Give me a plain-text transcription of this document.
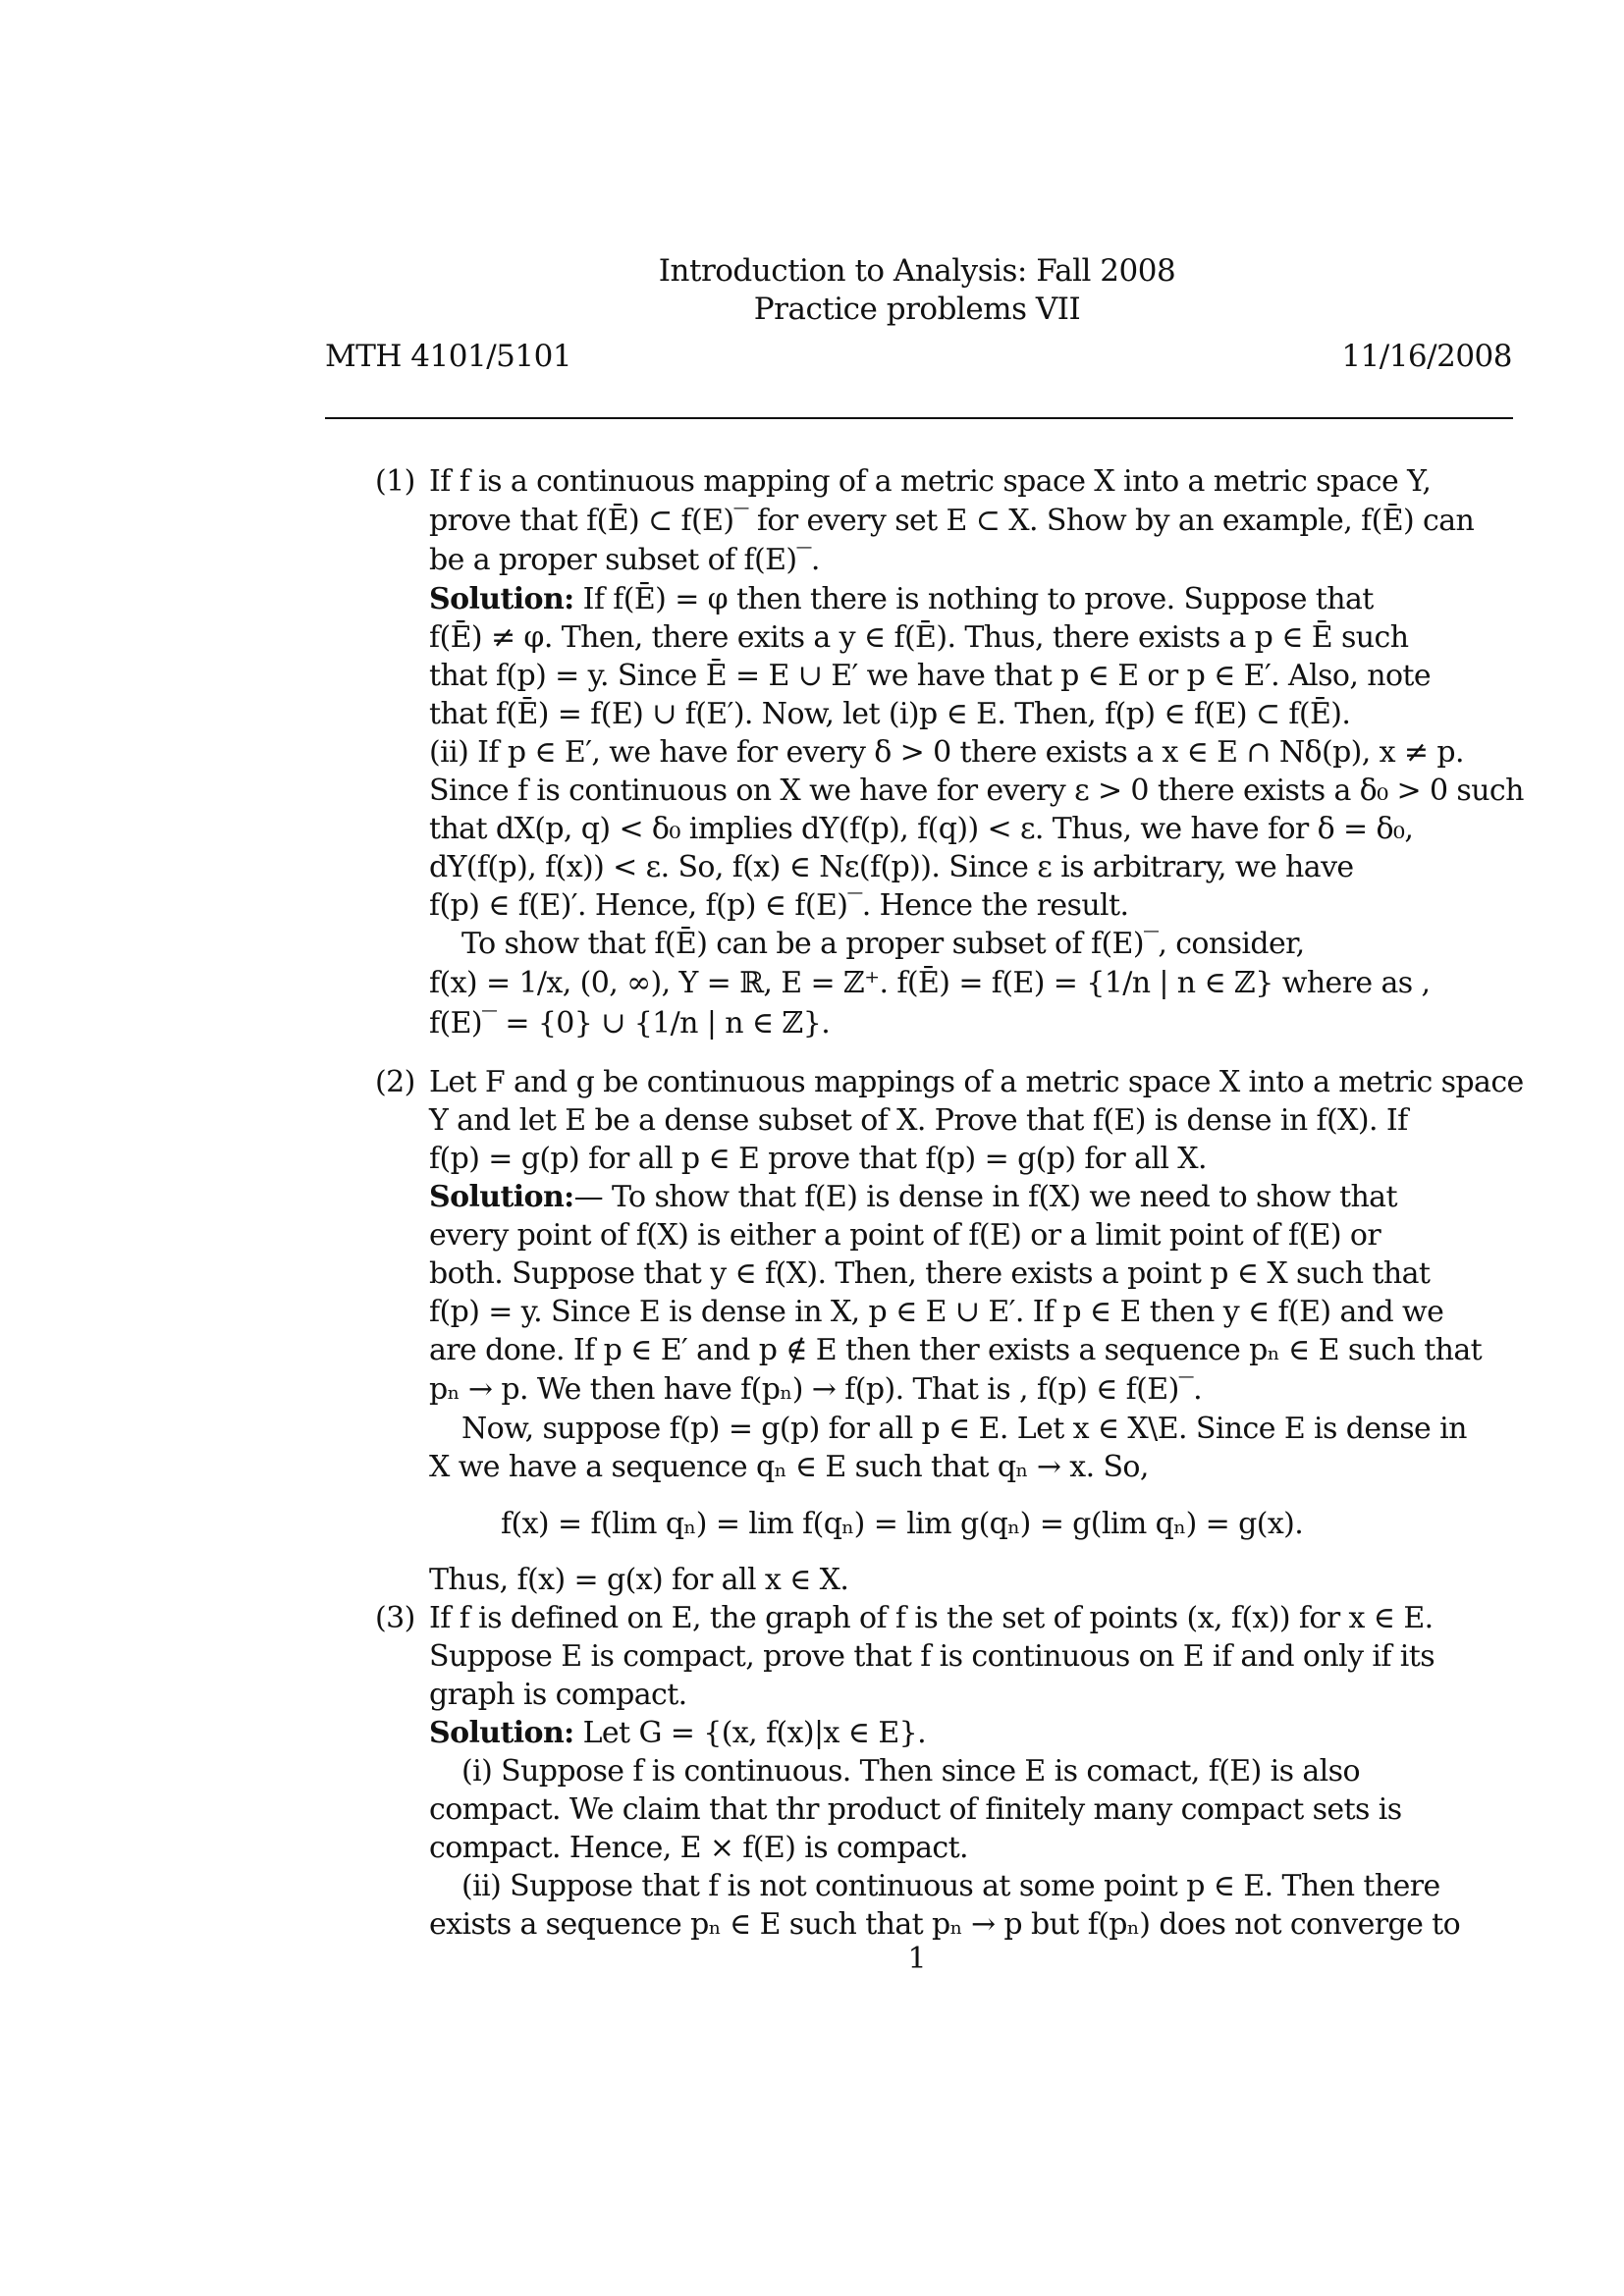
Introduction to Analysis: Fall 2008
Practice problems VII
MTH 4101/5101	11/16/2008
(1) If f is a continuous mapping of a metric space X into a metric space Y,
prove that f(Ē) ⊂ f(E)‾ for every set E ⊂ X. Show by an example, f(Ē) can
be a proper subset of f(E)‾.
Solution: If f(Ē) = φ then there is nothing to prove. Suppose that
f(Ē) ≠ φ. Then, there exits a y ∈ f(Ē). Thus, there exists a p ∈ Ē such
that f(p) = y. Since Ē = E ∪ E′ we have that p ∈ E or p ∈ E′. Also, note
that f(Ē) = f(E) ∪ f(E′). Now, let (i)p ∈ E. Then, f(p) ∈ f(E) ⊂ f(Ē).
(ii) If p ∈ E′, we have for every δ > 0 there exists a x ∈ E ∩ Nδ(p), x ≠ p.
Since f is continuous on X we have for every ε > 0 there exists a δ₀ > 0 such
that dX(p, q) < δ₀ implies dY(f(p), f(q)) < ε. Thus, we have for δ = δ₀,
dY(f(p), f(x)) < ε. So, f(x) ∈ Nε(f(p)). Since ε is arbitrary, we have
f(p) ∈ f(E)′. Hence, f(p) ∈ f(E)‾. Hence the result.
To show that f(Ē) can be a proper subset of f(E)‾, consider,
f(x) = 1/x, (0, ∞), Y = ℝ, E = ℤ⁺. f(Ē) = f(E) = {1/n | n ∈ ℤ} where as ,
f(E)‾ = {0} ∪ {1/n | n ∈ ℤ}.
(2) Let F and g be continuous mappings of a metric space X into a metric space
Y and let E be a dense subset of X. Prove that f(E) is dense in f(X). If
f(p) = g(p) for all p ∈ E prove that f(p) = g(p) for all X.
Solution:— To show that f(E) is dense in f(X) we need to show that
every point of f(X) is either a point of f(E) or a limit point of f(E) or
both. Suppose that y ∈ f(X). Then, there exists a point p ∈ X such that
f(p) = y. Since E is dense in X, p ∈ E ∪ E′. If p ∈ E then y ∈ f(E) and we
are done. If p ∈ E′ and p ∉ E then ther exists a sequence pₙ ∈ E such that
pₙ → p. We then have f(pₙ) → f(p). That is , f(p) ∈ f(E)‾.
Now, suppose f(p) = g(p) for all p ∈ E. Let x ∈ X\E. Since E is dense in
X we have a sequence qₙ ∈ E such that qₙ → x. So,
f(x) = f(lim qₙ) = lim f(qₙ) = lim g(qₙ) = g(lim qₙ) = g(x).
Thus, f(x) = g(x) for all x ∈ X.
(3) If f is defined on E, the graph of f is the set of points (x, f(x)) for x ∈ E.
Suppose E is compact, prove that f is continuous on E if and only if its
graph is compact.
Solution: Let G = {(x, f(x)|x ∈ E}.
(i) Suppose f is continuous. Then since E is comact, f(E) is also
compact. We claim that thr product of finitely many compact sets is
compact. Hence, E × f(E) is compact.
(ii) Suppose that f is not continuous at some point p ∈ E. Then there
exists a sequence pₙ ∈ E such that pₙ → p but f(pₙ) does not converge to
1
